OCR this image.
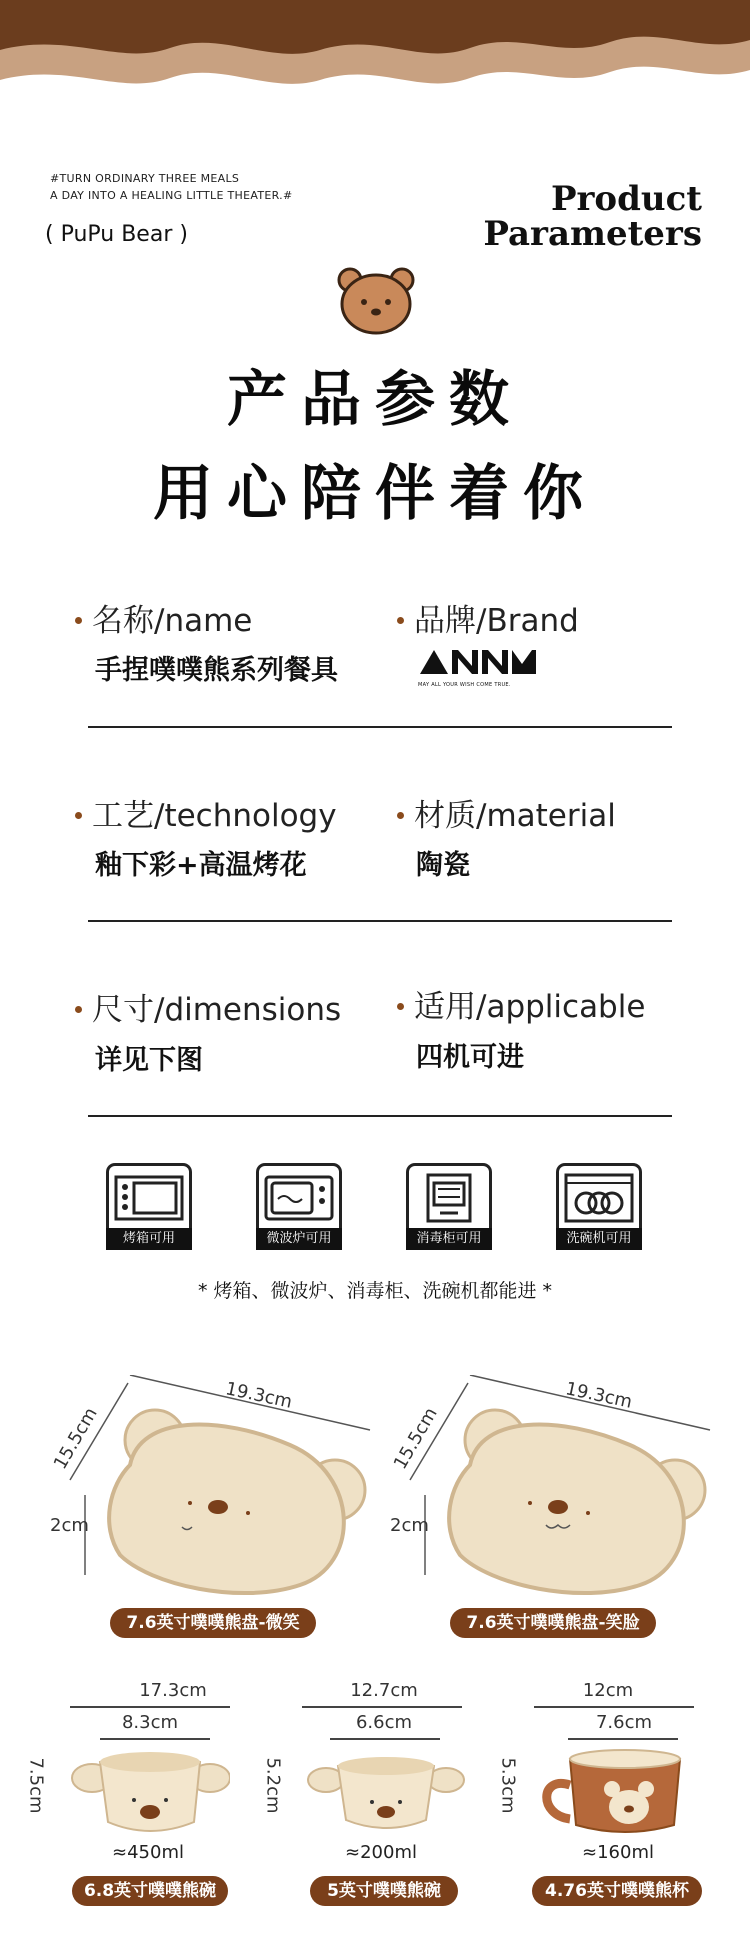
#TURN ORDINARY THREE MEALS
A DAY INTO A HEALING LITTLE THEATER.#
( PuPu Bear )
Product
Parameters
产品参数
用心陪伴着你
名称/name
手捏噗噗熊系列餐具
品牌/Brand
MAY ALL YOUR WISH COME TRUE.
工艺/technology
釉下彩+高温烤花
材质/material
陶瓷
尺寸/dimensions
详见下图
适用/applicable
四机可进
烤箱可用	微波炉可用	消毒柜可用	洗碗机可用
* 烤箱、微波炉、消毒柜、洗碗机都能进 *
19.3cm
15.5cm
2cm
7.6英寸噗噗熊盘-微笑
19.3cm
15.5cm
2cm
7.6英寸噗噗熊盘-笑脸
17.3cm
8.3cm
7.5cm
≈450ml
6.8英寸噗噗熊碗
12.7cm
6.6cm
5.2cm
≈200ml
5英寸噗噗熊碗
12cm
7.6cm
5.3cm
≈160ml
4.76英寸噗噗熊杯
